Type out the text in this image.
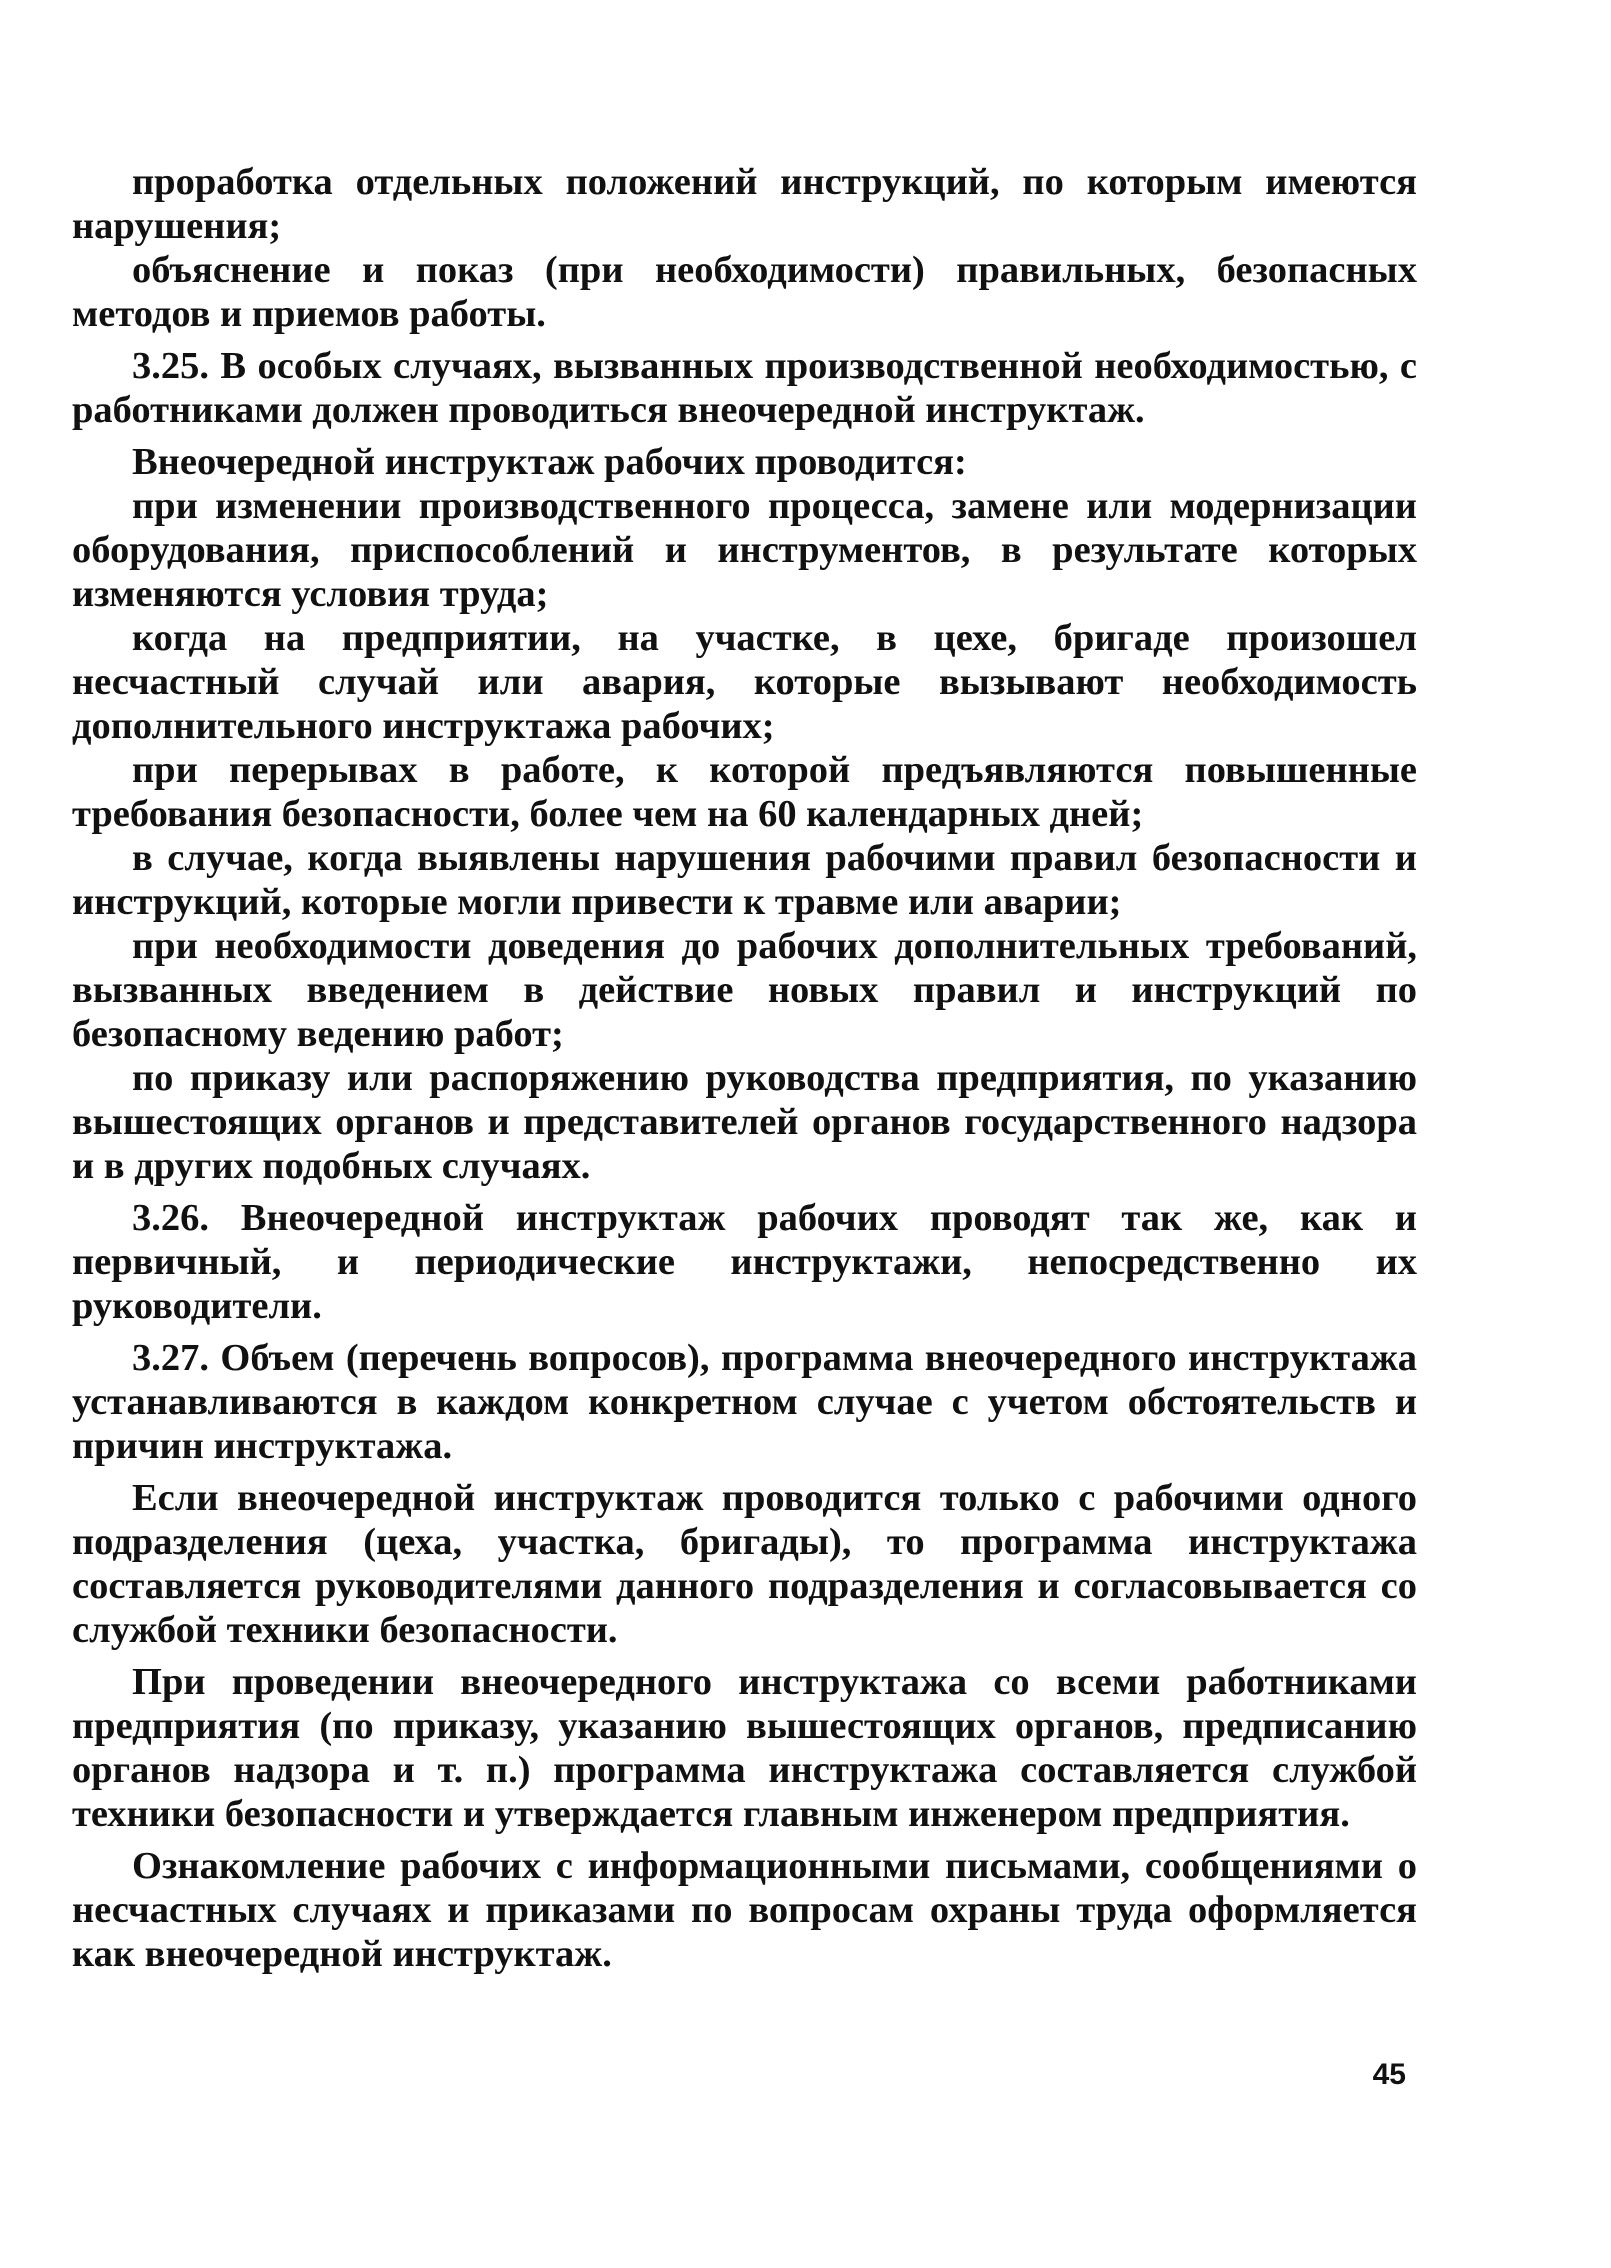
проработка отдельных положений инструкций, по которым имеются нарушения;

объяснение и показ (при необходимости) правильных, безопасных методов и приемов работы.

3.25. В особых случаях, вызванных производственной необходимостью, с работниками должен проводиться внеочередной инструктаж.

Внеочередной инструктаж рабочих проводится:

при изменении производственного процесса, замене или модернизации оборудования, приспособлений и инструментов, в результате которых изменяются условия труда;

когда на предприятии, на участке, в цехе, бригаде произошел несчастный случай или авария, которые вызывают необходимость дополнительного инструктажа рабочих;

при перерывах в работе, к которой предъявляются повышенные требования безопасности, более чем на 60 календарных дней;

в случае, когда выявлены нарушения рабочими правил безопасности и инструкций, которые могли привести к травме или аварии;

при необходимости доведения до рабочих дополнительных требований, вызванных введением в действие новых правил и инструкций по безопасному ведению работ;

по приказу или распоряжению руководства предприятия, по указанию вышестоящих органов и представителей органов государственного надзора и в других подобных случаях.

3.26. Внеочередной инструктаж рабочих проводят так же, как и первичный, и периодические инструктажи, непосредственно их руководители.

3.27. Объем (перечень вопросов), программа внеочередного инструктажа устанавливаются в каждом конкретном случае с учетом обстоятельств и причин инструктажа.

Если внеочередной инструктаж проводится только с рабочими одного подразделения (цеха, участка, бригады), то программа инструктажа составляется руководителями данного подразделения и согласовывается со службой техники безопасности.

При проведении внеочередного инструктажа со всеми работниками предприятия (по приказу, указанию вышестоящих органов, предписанию органов надзора и т. п.) программа инструктажа составляется службой техники безопасности и утверждается главным инженером предприятия.

Ознакомление рабочих с информационными письмами, сообщениями о несчастных случаях и приказами по вопросам охраны труда оформляется как внеочередной инструктаж.

45
